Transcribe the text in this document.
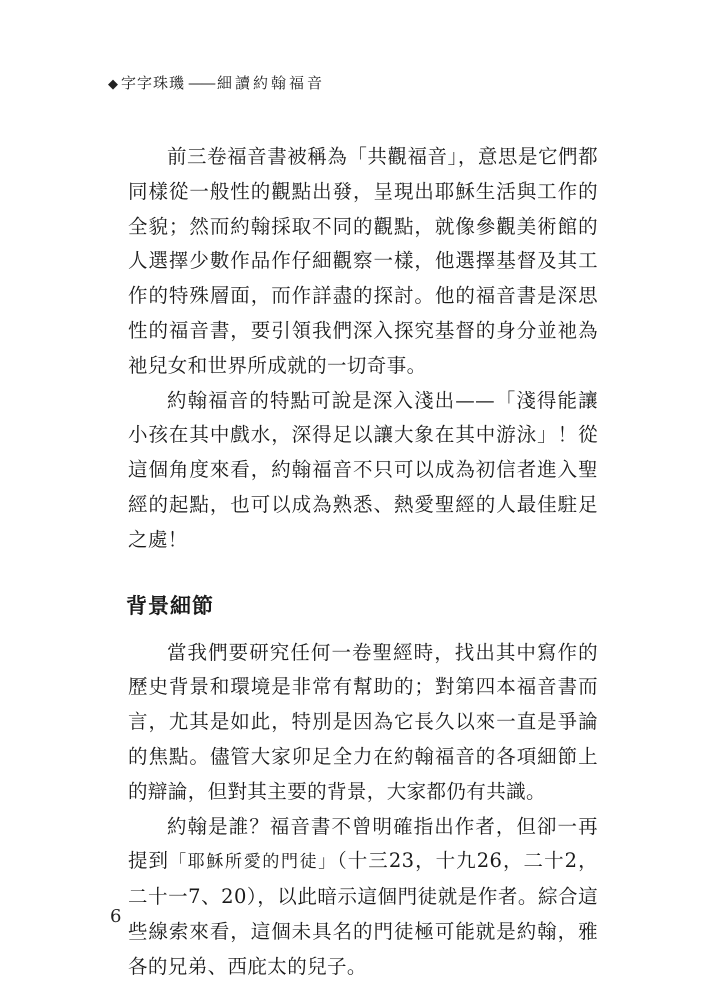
◆ 字字珠璣 —— 細讀約翰福音

前三卷福音書被稱為「共觀福音」，意思是它們都同樣從一般性的觀點出發，呈現出耶穌生活與工作的全貌；然而約翰採取不同的觀點，就像參觀美術館的人選擇少數作品作仔細觀察一樣，他選擇基督及其工作的特殊層面，而作詳盡的探討。他的福音書是深思性的福音書，要引領我們深入探究基督的身分並祂為祂兒女和世界所成就的一切奇事。

約翰福音的特點可說是深入淺出——「淺得能讓小孩在其中戲水，深得足以讓大象在其中游泳」！從這個角度來看，約翰福音不只可以成為初信者進入聖經的起點，也可以成為熟悉、熱愛聖經的人最佳駐足之處！

背景細節

當我們要研究任何一卷聖經時，找出其中寫作的歷史背景和環境是非常有幫助的；對第四本福音書而言，尤其是如此，特別是因為它長久以來一直是爭論的焦點。儘管大家卯足全力在約翰福音的各項細節上的辯論，但對其主要的背景，大家都仍有共識。

約翰是誰？福音書不曾明確指出作者，但卻一再提到「耶穌所愛的門徒」（十三23，十九26，二十2，二十一7、20），以此暗示這個門徒就是作者。綜合這些線索來看，這個未具名的門徒極可能就是約翰，雅各的兄弟、西庇太的兒子。

6
